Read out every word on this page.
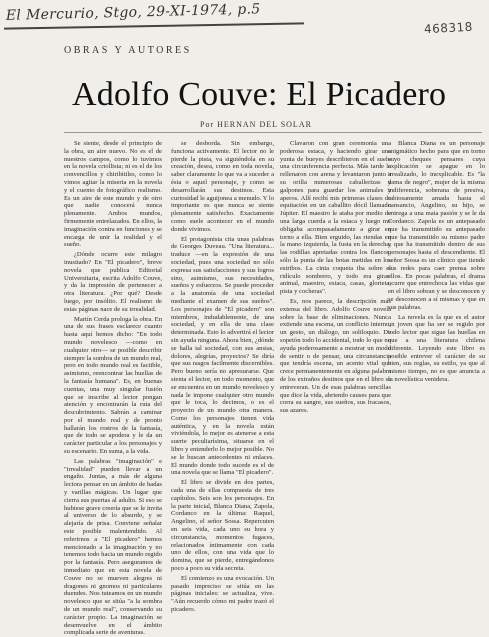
El Mercurio, Stgo, 29-XI-1974, p.5
468318
OBRAS Y AUTORES
Adolfo Couve: El Picadero
Por HERNAN DEL SOLAR

Se siente, desde el principio de la obra, un aire nuevo. No es el de nuestros campos, como lo tuvimos en la novela criollista; ni es el de los convencillos y chiribitiles, como lo vimos agitar la miseria en la novela y el cuento de fotográfico realismo. Es un aire de este mundo y de otro que nadie conocerá nunca plenamente. Ambos mundos, firmemente entrelazados. En ellos, la imaginación contra en funciones y se encarga de unir la realidad y el sueño.

¿Dónde ocurre este milagro inusitado? En "El picadero", breve novela que publica Editorial Universitaria, escrita Adolfo Couve, y da la impresión de pertenecer a otra literatura. ¿Por qué? Desde luego, por insólito. El realismo de estas páginas nace de su irrealidad.

Martín Cerda prologa la obra. En una de sus frases esclarece cuanto hasta aquí hemos dicho: "En todo mundo novelesco —como en cualquier otro— se posible describir siempre la sombra de un mundo real, pero en todo mundo real es factible, asimismo, reencontrar las huellas de la fantasía humana". Es, en buenas cuentas, una muy singular fusión que se inscribe al lector pongan atención y encontrarán la ruta del descubrimiento. Sabrán a caminar por el mundo real y de pronto hallarán los rostros de la fantasía, que de todo se apodera y le da un carácter particular a los personajes y su escenario. En suma, a la vida.

Las palabras "imaginación" e "irrealidad" pueden llevar a un engaño. Juntas, a más de alguna lectora pensar en un ámbito de hadas y varillas mágicas. Un lugar que cierra sus puertas al adulto. Si eso se hubiese grave creería que se le invita al universo de lo absurdo, y se alejaría de prisa. Conviene señalar este posible malentendido. Al referirnos a "El picadero" hemos mencionado a la imaginación y no tenemos todo hacia un mundo regido por la fantasía. Pero aseguramos de inmediato que en esta novela de Couve no se mueven alegres ni dragones ni gnomos ni particulares duendes. Nos tuteamos en un mundo novelesco que se sitúa "a la sombra de un mundo real", conservando su carácter propio. La imaginación se desenvuelve en el ámbito complicada serie de aventuras.

se desborda. Sin embargo, funciona activamente. El lector no le pierde la pista, va siguiéndola en su creación, desea, como en toda novela, saber claramente lo que va a suceder a ésta o aquel personaje, y como se desarrollarán sus destinos. Esta curiosidad le aguijonea a menudo. Y lo importante es que nunca se siente plenamente satisfecho. Exactamente como suele acontecer en el mundo donde vivimos.

El protagonista cita unas palabras de Georges Duveau. "Una literatura... traduce —en la expresión de una sociedad, pues una sociedad no sólo expresa sus satisfacciones y sus logros sino, asimismo, sus necesidades, sueños y esfuerzos. Se puede proceder a la anatomía de una sociedad mediante el examen de sus sueños". Los personajes de "El picadero" son miembros, indudablemente, de una sociedad, y en ella de una clase determinada. Esto lo advertirá el lector sin ayuda ninguna. Ahora bien, ¿dónde se halla tal sociedad, con sus ansias, dolores, alegrías, proyectos? Se diría que sus rasgos facilmente discernibles. Pero bueno sería no apresurarse. Que sienta el lector, en todo momento, que se encuentra en un mundo novelesco y nada le impone cualquier otro mundo que le toca, lo decimos, o es el proyecto de un mundo otra manera. Como los personajes tienen vida auténtica, y en la novela están viviéndola, lo mejor es atenerse a esta suerte peculiarísima, situarse en el libro y entenderlo lo mejor posible. No se le buscan antecedentes ni enlaces. El mundo donde todo sucede es el de una novela que se llama "El picadero".

El libro se divide en dos partes, cada una de ellas compuesta de tres capítulos. Seis son los personajes. En la parte inicial, Blanca Diana, Zapola, Cordanco en la última: Raquel, Angelino, el señor Sossa. Repercuten en seis vida, cada uno su hora y circunstancia, momentos fugaces, relacionados íntimamente con cada uno de ellos, con una vida que lo domina, que se pierde, entregándonos poco a poco su vida secreta.

El comienzo es una evocación. Un pasado impreciso se sitúa en las páginas iniciales: se actualiza, vive. "Aún recuerdo cómo mi padre trazó el picadero.

Clavaron con gran ceremonia una poderosa estaca, y haciendo girar una yunta de bueyes describieron en el suelo una circunferencia perfecta. Más tarde la rellenaron con arena y levantaron junto a su orilla numerosas caballerizas y galpones para guardar los animales y aperos. Allí recibí mis primeras clases de equitación en un caballito dócil llamado Júpiter. El maestro le ataba por medio de una larga cuerda a la estaca y luego me obligaba acompasadamente a girar en torno a ella. Bien erguido, las riendas en la mano izquierda, la fusta en la derecha, las rodillas apretadas contra los flancos, sólo la punta de las botas metidas en los estribos. La cinta coqueta iba sobre el ridículo sombrero, y todo era girar: animal, maestro, estaca, casas, glorieta, pista y cocheras".

Es, nos parece, la descripción más extensa del libro. Adolfo Couve novela sobre la base de eliminaciones. Nunca extiende una escena, un conflicto interno, un gesto, un diálogo, un soliloquio. De sopetón todo lo accidental, todo lo que no ayuda poderosamente a mostrar un modo de sentir o de pensar, una circunstancia que tendría escena, un acento vital que crece permanentemente en alguna palabra de los extraños destinos que en el libro se entreveran. Un de esas palabras sencillas que dice la vida, abriendo causes para que corra su sangre, sus sueños, sus fracasos, sus azares.

Blanca Diana es un personaje enigmático hecho para que en torno suyo cheques pensares cuya explicación se apague en lo irrealizado, lo inexplicable. Es "la dama de negro", mujer de la misma indiferencia, soberana de presiva, rabiosamente amada hasta el cansancio, Angelino, su hijo, se entrega a una maia pasión y se le da Cordanco. Zapola es un antepasado que ha transmitido su antepasado que ha transmitido su mismo padre y que ha transmitido dentro de sus personajes hasta el descendiente. El señor Sossa es un clínico que tiende sus redes para caer prensa sobre ellos. En pocas palabras, el drama ocurre que entrechoca las vidas que en el libro sobran y se desconocen y se desconocen a sí mismas y que en sus palabras.

La novela es la que es el autor un joven que ha ser se regido por todo lector que sigue las huellas en que a una literatura chilena diferente. Leyendo este libro es posible entrever el carácter de su bien, sus reglas, su estilo, ya que al mismo tiempo, no es que anuncia a la novelística venidera.
